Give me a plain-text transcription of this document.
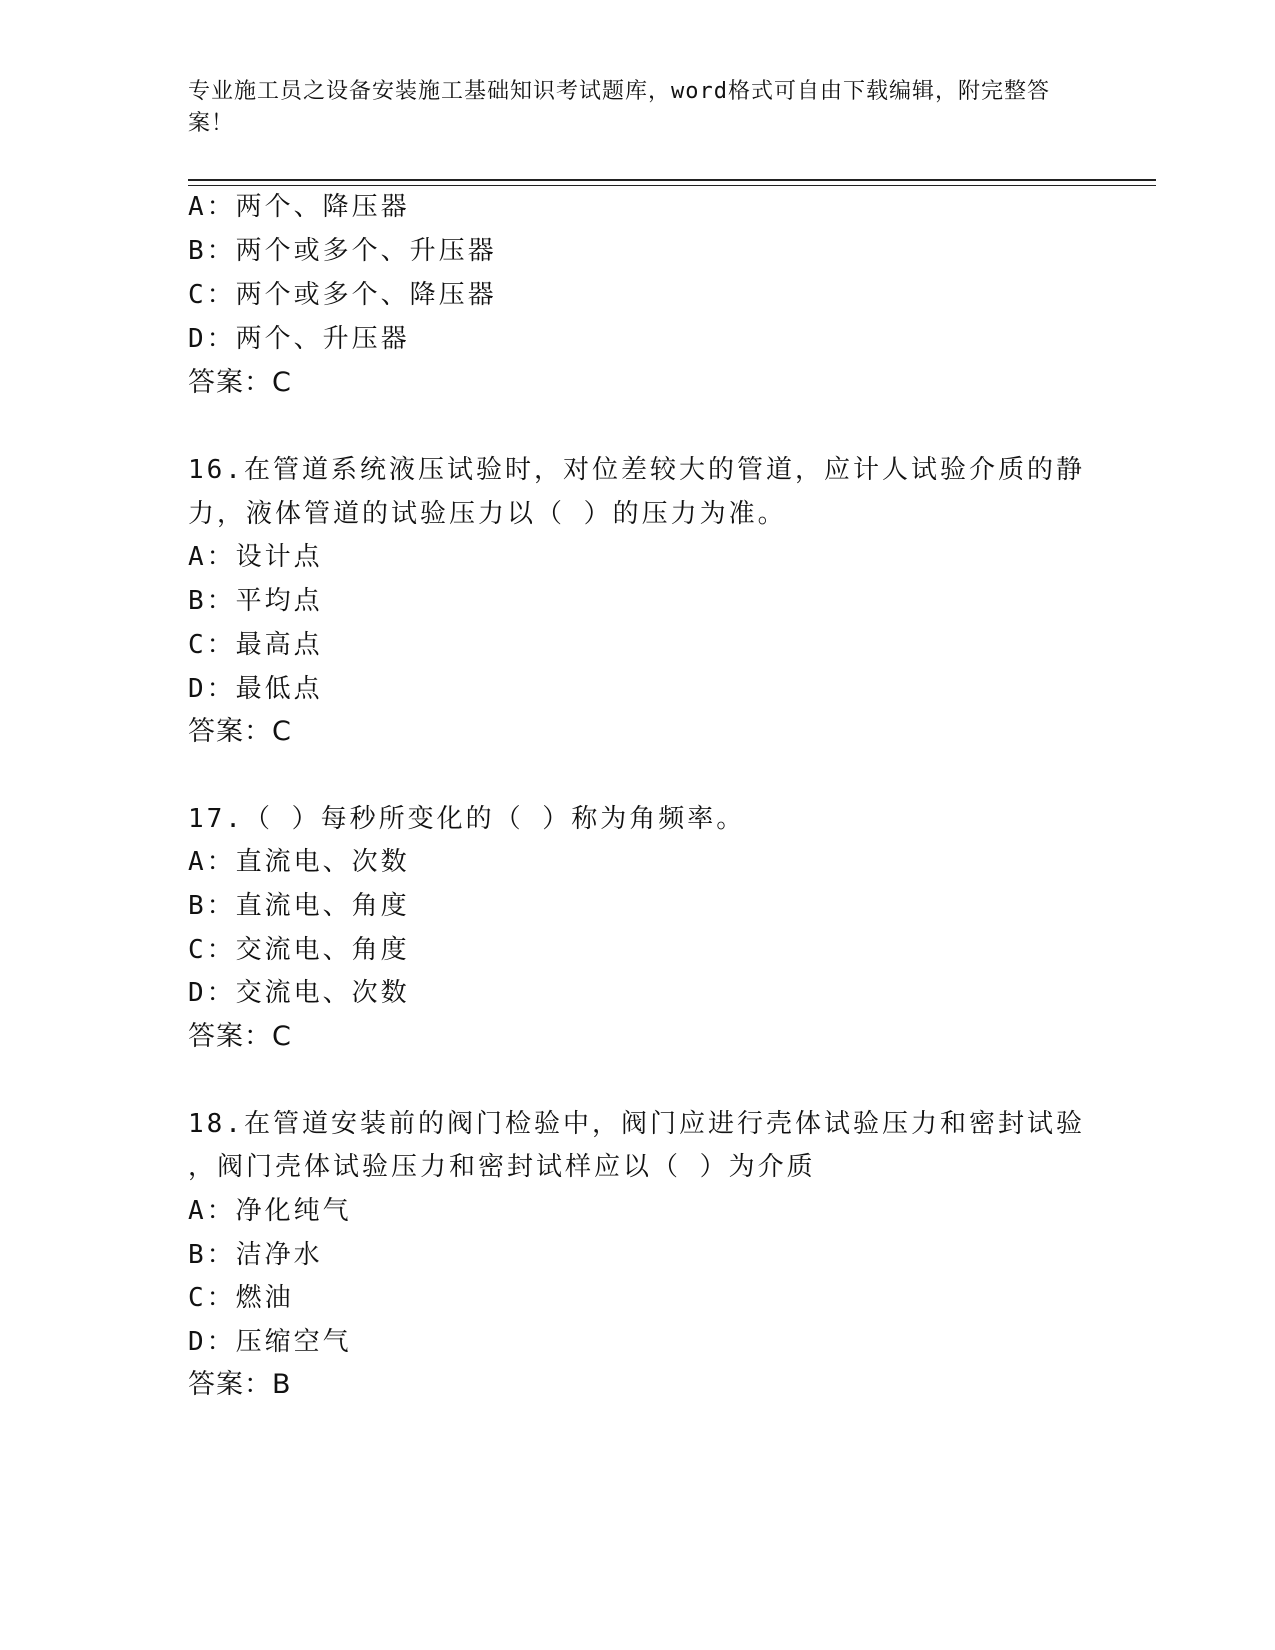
专业施工员之设备安装施工基础知识考试题库，word格式可自由下载编辑，附完整答案！
A：两个、降压器
B：两个或多个、升压器
C：两个或多个、降压器
D：两个、升压器
答案：C
16.在管道系统液压试验时，对位差较大的管道，应计人试验介质的静
力，液体管道的试验压力以（ ）的压力为准。
A：设计点
B：平均点
C：最高点
D：最低点
答案：C
17.（ ）每秒所变化的（ ）称为角频率。
A：直流电、次数
B：直流电、角度
C：交流电、角度
D：交流电、次数
答案：C
18.在管道安装前的阀门检验中，阀门应进行壳体试验压力和密封试验
，阀门壳体试验压力和密封试样应以（ ）为介质
A：净化纯气
B：洁净水
C：燃油
D：压缩空气
答案：B
